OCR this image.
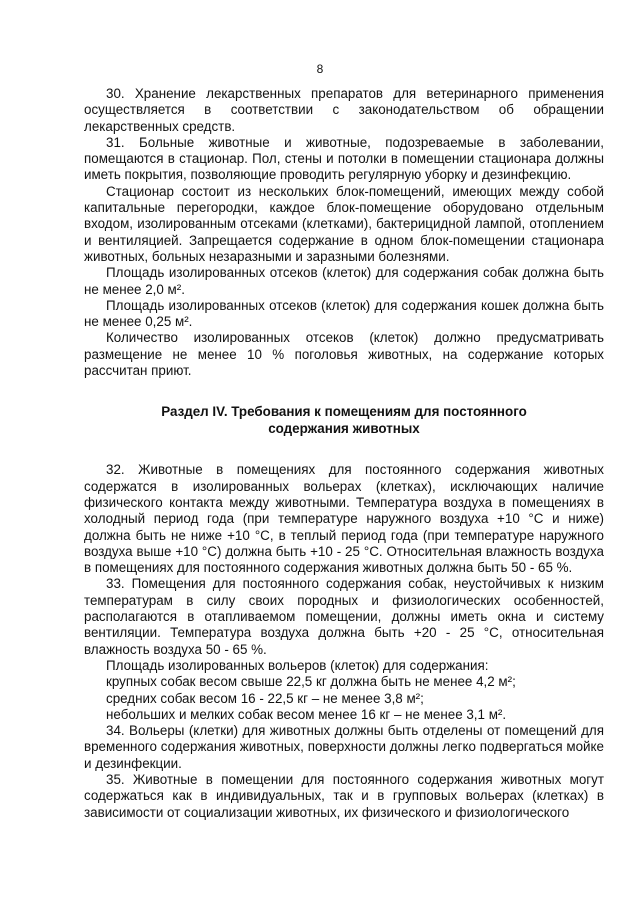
8

30. Хранение лекарственных препаратов для ветеринарного применения осуществляется в соответствии с законодательством об обращении лекарственных средств.

31. Больные животные и животные, подозреваемые в заболевании, помещаются в стационар. Пол, стены и потолки в помещении стационара должны иметь покрытия, позволяющие проводить регулярную уборку и дезинфекцию.

Стационар состоит из нескольких блок-помещений, имеющих между собой капитальные перегородки, каждое блок-помещение оборудовано отдельным входом, изолированным отсеками (клетками), бактерицидной лампой, отоплением и вентиляцией. Запрещается содержание в одном блок-помещении стационара животных, больных незаразными и заразными болезнями.

Площадь изолированных отсеков (клеток) для содержания собак должна быть не менее 2,0 м².

Площадь изолированных отсеков (клеток) для содержания кошек должна быть не менее 0,25 м².

Количество изолированных отсеков (клеток) должно предусматривать размещение не менее 10 % поголовья животных, на содержание которых рассчитан приют.

Раздел IV. Требования к помещениям для постоянного
содержания животных

32. Животные в помещениях для постоянного содержания животных содержатся в изолированных вольерах (клетках), исключающих наличие физического контакта между животными. Температура воздуха в помещениях в холодный период года (при температуре наружного воздуха +10 °С и ниже) должна быть не ниже +10 °С, в теплый период года (при температуре наружного воздуха выше +10 °С) должна быть +10 - 25 °С. Относительная влажность воздуха в помещениях для постоянного содержания животных должна быть 50 - 65 %.

33. Помещения для постоянного содержания собак, неустойчивых к низким температурам в силу своих породных и физиологических особенностей, располагаются в отапливаемом помещении, должны иметь окна и систему вентиляции. Температура воздуха должна быть +20 - 25 °С, относительная влажность воздуха 50 - 65 %.

Площадь изолированных вольеров (клеток) для содержания:

крупных собак весом свыше 22,5 кг должна быть не менее 4,2 м²;

средних собак весом 16 - 22,5 кг – не менее 3,8 м²;

небольших и мелких собак весом менее 16 кг – не менее 3,1 м².

34. Вольеры (клетки) для животных должны быть отделены от помещений для временного содержания животных, поверхности должны легко подвергаться мойке и дезинфекции.

35. Животные в помещении для постоянного содержания животных могут содержаться как в индивидуальных, так и в групповых вольерах (клетках) в зависимости от социализации животных, их физического и физиологического
